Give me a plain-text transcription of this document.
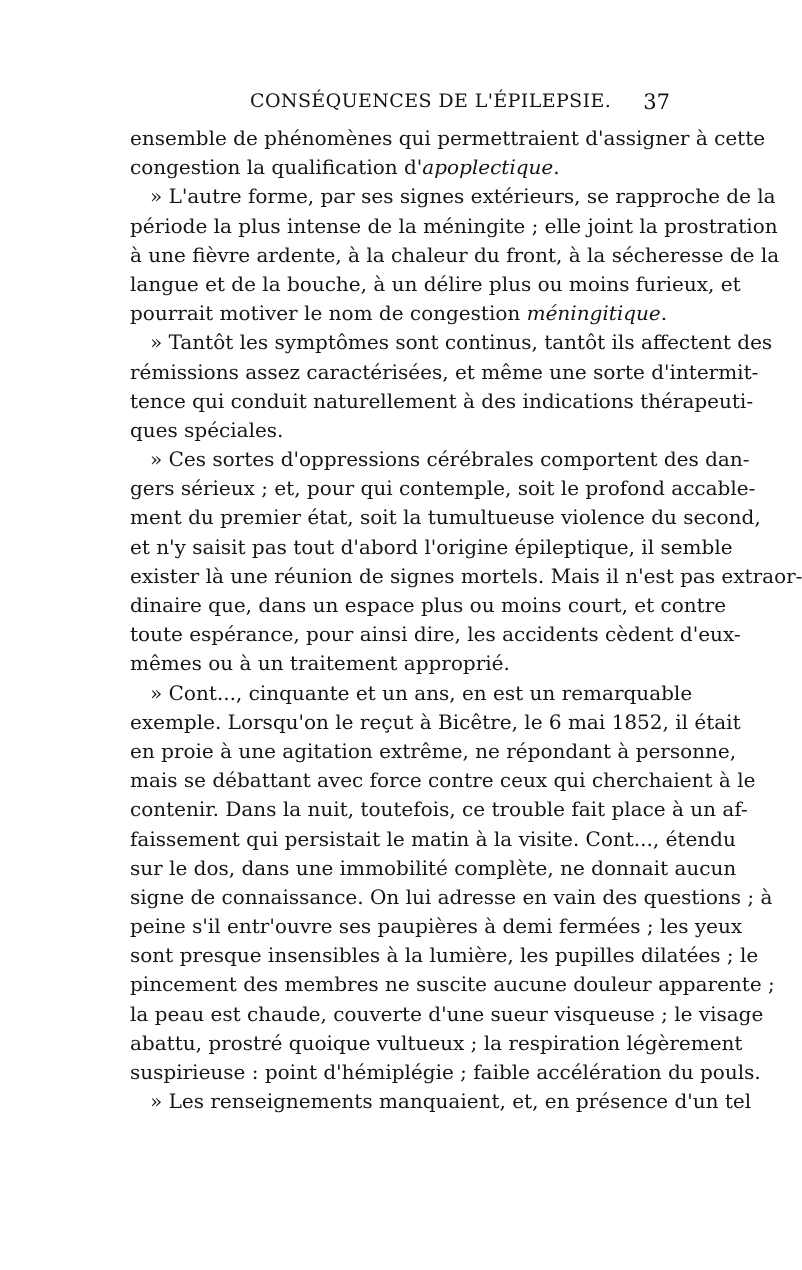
CONSÉQUENCES DE L'ÉPILEPSIE. 37
ensemble de phénomènes qui permettraient d'assigner à cette
congestion la qualification d'apoplectique.
» L'autre forme, par ses signes extérieurs, se rapproche de la
période la plus intense de la méningite ; elle joint la prostration
à une fièvre ardente, à la chaleur du front, à la sécheresse de la
langue et de la bouche, à un délire plus ou moins furieux, et
pourrait motiver le nom de congestion méningitique.
» Tantôt les symptômes sont continus, tantôt ils affectent des
rémissions assez caractérisées, et même une sorte d'intermit-
tence qui conduit naturellement à des indications thérapeuti-
ques spéciales.
» Ces sortes d'oppressions cérébrales comportent des dan-
gers sérieux ; et, pour qui contemple, soit le profond accable-
ment du premier état, soit la tumultueuse violence du second,
et n'y saisit pas tout d'abord l'origine épileptique, il semble
exister là une réunion de signes mortels. Mais il n'est pas extraor-
dinaire que, dans un espace plus ou moins court, et contre
toute espérance, pour ainsi dire, les accidents cèdent d'eux-
mêmes ou à un traitement approprié.
» Cont..., cinquante et un ans, en est un remarquable
exemple. Lorsqu'on le reçut à Bicêtre, le 6 mai 1852, il était
en proie à une agitation extrême, ne répondant à personne,
mais se débattant avec force contre ceux qui cherchaient à le
contenir. Dans la nuit, toutefois, ce trouble fait place à un af-
faissement qui persistait le matin à la visite. Cont..., étendu
sur le dos, dans une immobilité complète, ne donnait aucun
signe de connaissance. On lui adresse en vain des questions ; à
peine s'il entr'ouvre ses paupières à demi fermées ; les yeux
sont presque insensibles à la lumière, les pupilles dilatées ; le
pincement des membres ne suscite aucune douleur apparente ;
la peau est chaude, couverte d'une sueur visqueuse ; le visage
abattu, prostré quoique vultueux ; la respiration légèrement
suspirieuse : point d'hémiplégie ; faible accélération du pouls.
» Les renseignements manquaient, et, en présence d'un tel
